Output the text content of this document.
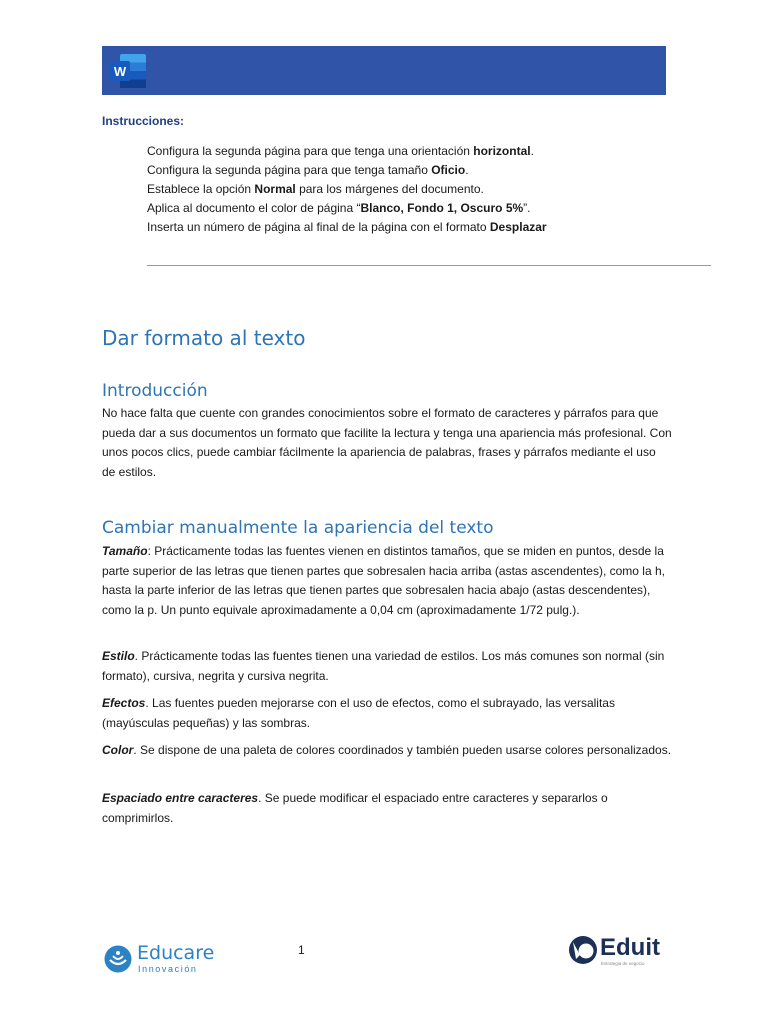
W
Instrucciones:
Configura la segunda página para que tenga una orientación horizontal.
Configura la segunda página para que tenga tamaño Oficio.
Establece la opción Normal para los márgenes del documento.
Aplica al documento el color de página “Blanco, Fondo 1, Oscuro 5%”.
Inserta un número de página al final de la página con el formato Desplazar
Dar formato al texto
Introducción
No hace falta que cuente con grandes conocimientos sobre el formato de caracteres y párrafos para que pueda dar a sus documentos un formato que facilite la lectura y tenga una apariencia más profesional. Con unos pocos clics, puede cambiar fácilmente la apariencia de palabras, frases y párrafos mediante el uso de estilos.
Cambiar manualmente la apariencia del texto
Tamaño: Prácticamente todas las fuentes vienen en distintos tamaños, que se miden en puntos, desde la parte superior de las letras que tienen partes que sobresalen hacia arriba (astas ascendentes), como la h, hasta la parte inferior de las letras que tienen partes que sobresalen hacia abajo (astas descendentes), como la p. Un punto equivale aproximadamente a 0,04 cm (aproximadamente 1/72 pulg.).
Estilo. Prácticamente todas las fuentes tienen una variedad de estilos. Los más comunes son normal (sin formato), cursiva, negrita y cursiva negrita.
Efectos. Las fuentes pueden mejorarse con el uso de efectos, como el subrayado, las versalitas (mayúsculas pequeñas) y las sombras.
Color. Se dispone de una paleta de colores coordinados y también pueden usarse colores personalizados.
Espaciado entre caracteres. Se puede modificar el espaciado entre caracteres y separarlos o comprimirlos.
Educare
Innovación
1	Eduit
Estrategia de negocio
